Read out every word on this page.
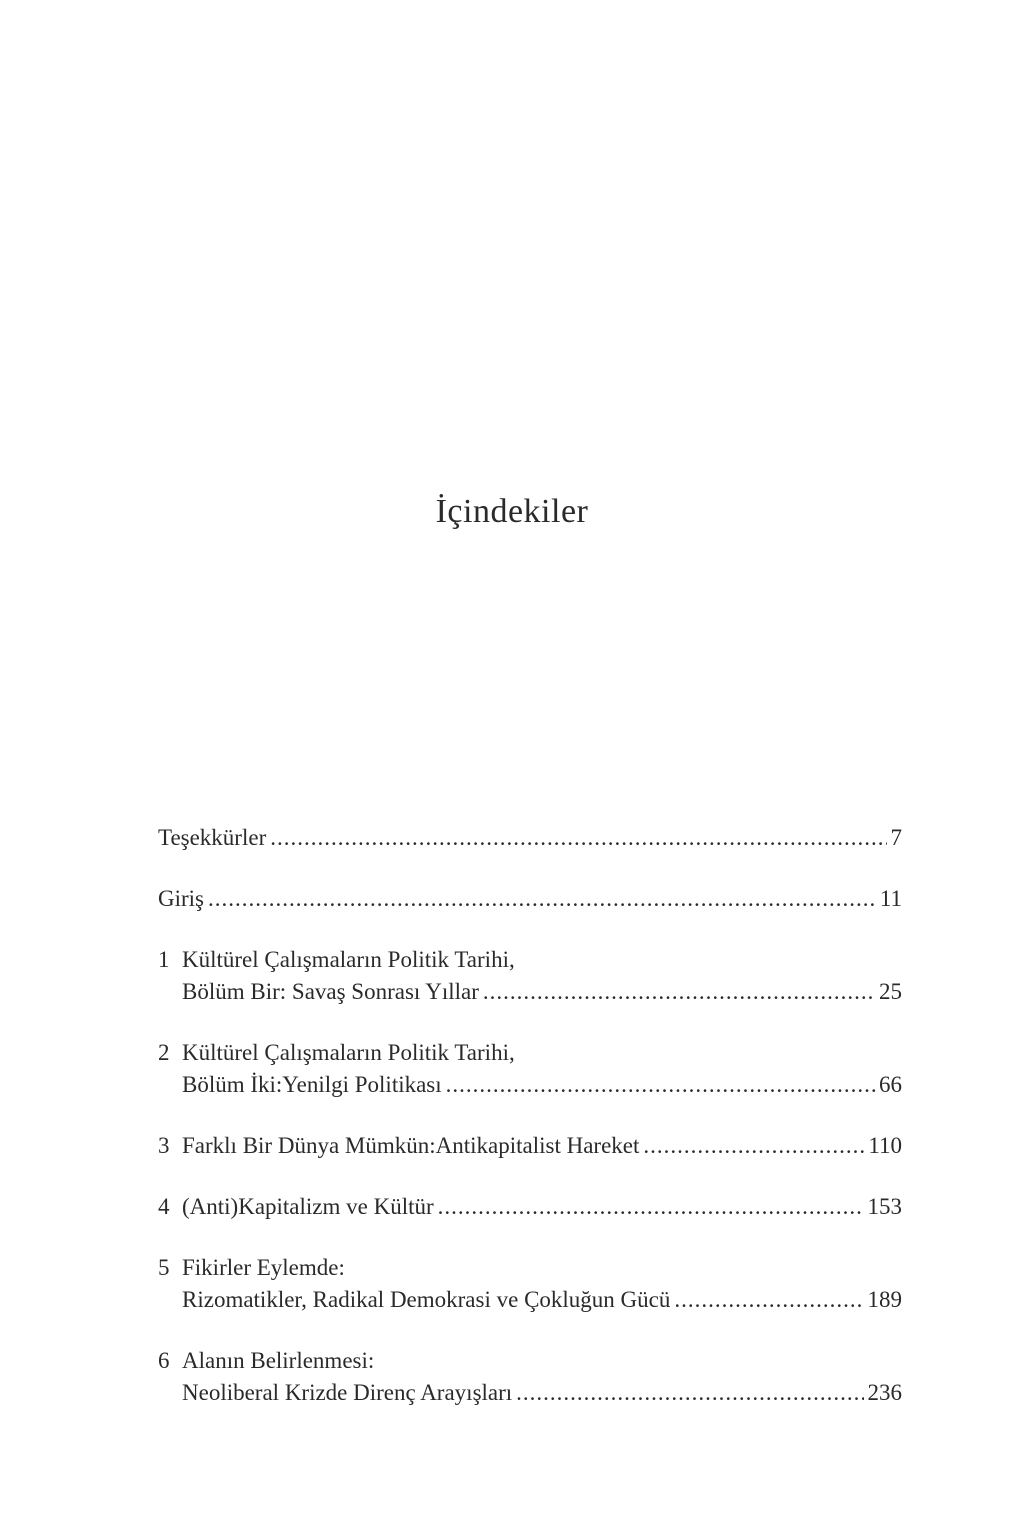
İçindekiler
Teşekkürler .....	7
Giriş .....	11
1 Kültürel Çalışmaların Politik Tarihi,
Bölüm Bir: Savaş Sonrası Yıllar .....	25
2 Kültürel Çalışmaların Politik Tarihi,
Bölüm İki:Yenilgi Politikası .....	66
3 Farklı Bir Dünya Mümkün:Antikapitalist Hareket .....	110
4 (Anti)Kapitalizm ve Kültür .....	153
5 Fikirler Eylemde:
Rizomatikler, Radikal Demokrasi ve Çokluğun Gücü .....	189
6 Alanın Belirlenmesi:
Neoliberal Krizde Direnç Arayışları .....	236
